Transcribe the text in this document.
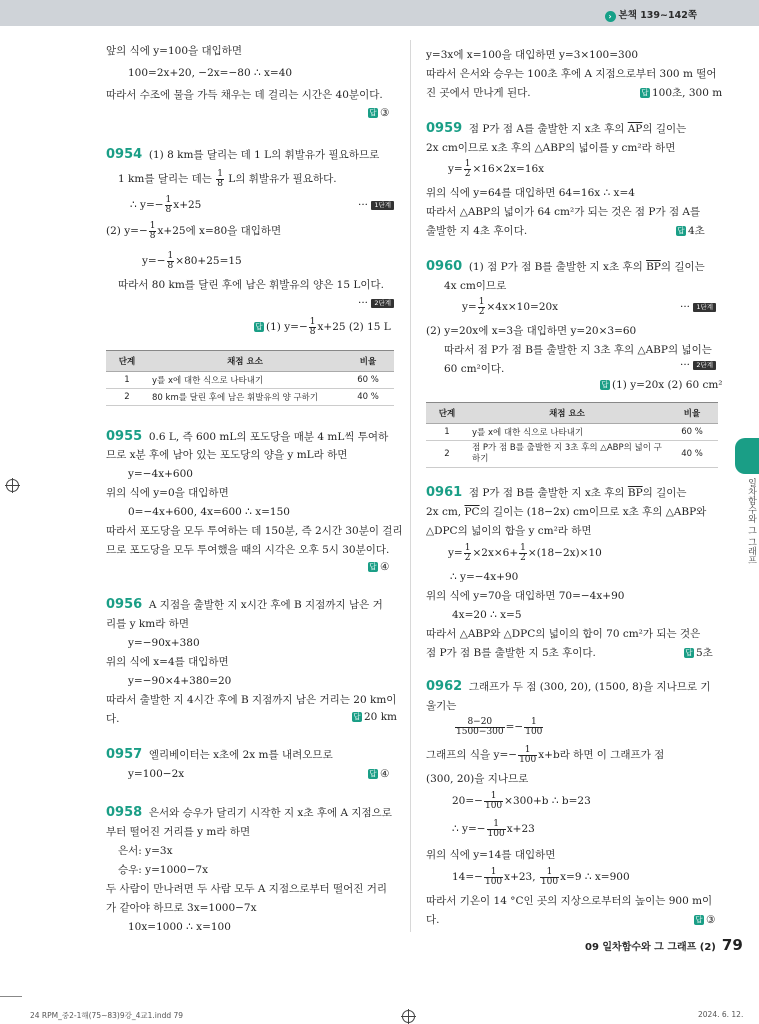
› 본책 139~142쪽
앞의 식에 y=100을 대입하면
100=2x+20, −2x=−80 ∴ x=40
따라서 수조에 물을 가득 채우는 데 걸리는 시간은 40분이다.
답 ③
0954 (1) 8 km를 달리는 데 1 L의 휘발유가 필요하므로
1 km를 달리는 데는 $\frac{1}{8}$ L의 휘발유가 필요하다.
∴ $y=- \frac{1}{8} x+25$	··· 1단계
(2) $y=- \frac{1}{8} x+25$에 x=80을 대입하면
$y=- \frac{1}{8} \times 80+25=15$
따라서 80 km를 달린 후에 남은 휘발유의 양은 15 L이다.
··· 2단계
답 (1) $y=- \frac{1}{8} x+25$ (2) 15 L
단계	채점 요소	비율
1	y를 x에 대한 식으로 나타내기	60 %
2	80 km를 달린 후에 남은 휘발유의 양 구하기	40 %
0955 0.6 L, 즉 600 mL의 포도당을 매분 4 mL씩 투여하
므로 x분 후에 남아 있는 포도당의 양을 y mL라 하면
y=−4x+600
위의 식에 y=0을 대입하면
0=−4x+600, 4x=600 ∴ x=150
따라서 포도당을 모두 투여하는 데 150분, 즉 2시간 30분이 걸리
므로 포도당을 모두 투여했을 때의 시각은 오후 5시 30분이다.
답 ④
0956 A 지점을 출발한 지 x시간 후에 B 지점까지 남은 거
리를 y km라 하면
y=−90x+380
위의 식에 x=4를 대입하면
y=−90×4+380=20
따라서 출발한 지 4시간 후에 B 지점까지 남은 거리는 20 km이
다.	답 20 km
0957 엘리베이터는 x초에 2x m를 내려오므로
y=100−2x	답 ④
0958 은서와 승우가 달리기 시작한 지 x초 후에 A 지점으로
부터 떨어진 거리를 y m라 하면
은서: y=3x
승우: y=1000−7x
두 사람이 만나려면 두 사람 모두 A 지점으로부터 떨어진 거리
가 같아야 하므로 3x=1000−7x
10x=1000 ∴ x=100
y=3x에 x=100을 대입하면 y=3×100=300
따라서 은서와 승우는 100초 후에 A 지점으로부터 300 m 떨어
진 곳에서 만나게 된다.	답 100초, 300 m
0959 점 P가 점 A를 출발한 지 x초 후의 $\overline{AP}$의 길이는
2x cm이므로 x초 후의 △ABP의 넓이를 y cm²라 하면
$y= \frac{1}{2} \times 16\times 2x=16x$
위의 식에 y=64를 대입하면 64=16x ∴ x=4
따라서 △ABP의 넓이가 64 cm²가 되는 것은 점 P가 점 A를
출발한 지 4초 후이다.	답 4초
0960 (1) 점 P가 점 B를 출발한 지 x초 후의 $\overline{BP}$의 길이는
4x cm이므로
$y= \frac{1}{2} \times 4x\times 10=20x$	··· 1단계
(2) y=20x에 x=3을 대입하면 y=20×3=60
따라서 점 P가 점 B를 출발한 지 3초 후의 △ABP의 넓이는
60 cm²이다.	··· 2단계
답 (1) y=20x (2) 60 cm²
단계	채점 요소	비율
1	y를 x에 대한 식으로 나타내기	60 %
2	점 P가 점 B를 출발한 지 3초 후의 △ABP의 넓이 구하기	40 %
0961 점 P가 점 B를 출발한 지 x초 후의 $\overline{BP}$의 길이는
2x cm, $\overline{PC}$의 길이는 (18−2x) cm이므로 x초 후의 △ABP와
△DPC의 넓이의 합을 y cm²라 하면
$y= \frac{1}{2} \times 2x\times 6+ \frac{1}{2} \times(18-2x)\times 10$
∴ y=−4x+90
위의 식에 y=70을 대입하면 70=−4x+90
4x=20 ∴ x=5
따라서 △ABP와 △DPC의 넓이의 합이 70 cm²가 되는 것은
점 P가 점 B를 출발한 지 5초 후이다.	답 5초
0962 그래프가 두 점 (300, 20), (1500, 8)을 지나므로 기
울기는
$\frac{8-20}{1500-300} =- \frac{1}{100}$
그래프의 식을 $y=- \frac{1}{100} x+b$라 하면 이 그래프가 점
(300, 20)을 지나므로
$20=- \frac{1}{100} \times 300+b$ ∴ b=23
∴ $y=- \frac{1}{100} x+23$
위의 식에 y=14를 대입하면
$14=- \frac{1}{100} x+23$, $\frac{1}{100} x=9$ ∴ x=900
따라서 기온이 14 °C인 곳의 지상으로부터의 높이는 900 m이
다.	답 ③
일차함수와 그 그래프
09 일차함수와 그 그래프 (2) 79
24 RPM_중2-1해(75~83)9강_4교1.indd 79	2024. 6. 12.
